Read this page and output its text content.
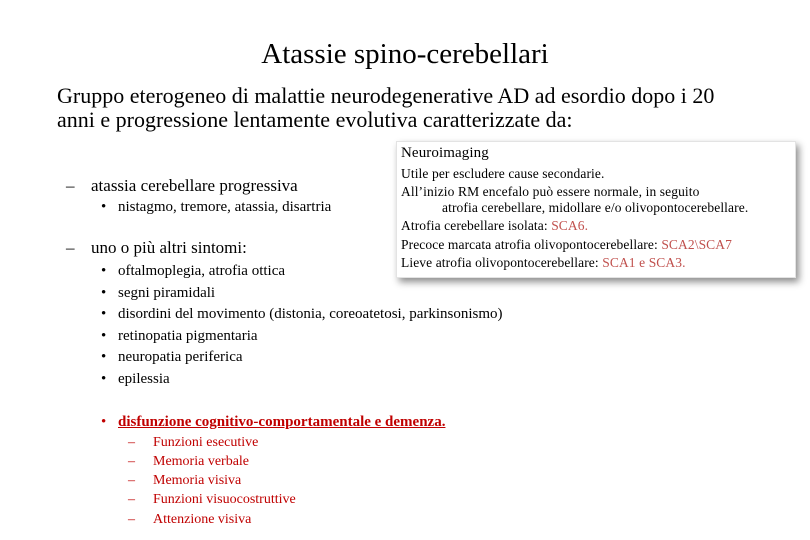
Atassie spino-cerebellari
Gruppo eterogeneo di malattie neurodegenerative AD ad esordio dopo i 20
anni e progressione lentamente evolutiva caratterizzate da:
– atassia cerebellare progressiva
• nistagmo, tremore, atassia, disartria
– uno o più altri sintomi:
• oftalmoplegia, atrofia ottica
• segni piramidali
• disordini del movimento (distonia, coreoatetosi, parkinsonismo)
• retinopatia pigmentaria
• neuropatia periferica
• epilessia
• disfunzione cognitivo-comportamentale e demenza.
– Funzioni esecutive
– Memoria verbale
– Memoria visiva
– Funzioni visuocostruttive
– Attenzione visiva
Neuroimaging
Utile per escludere cause secondarie.
All’inizio RM encefalo può essere normale, in seguito
atrofia cerebellare, midollare e/o olivopontocerebellare.
Atrofia cerebellare isolata: SCA6.
Precoce marcata atrofia olivopontocerebellare: SCA2\SCA7
Lieve atrofia olivopontocerebellare: SCA1 e SCA3.
